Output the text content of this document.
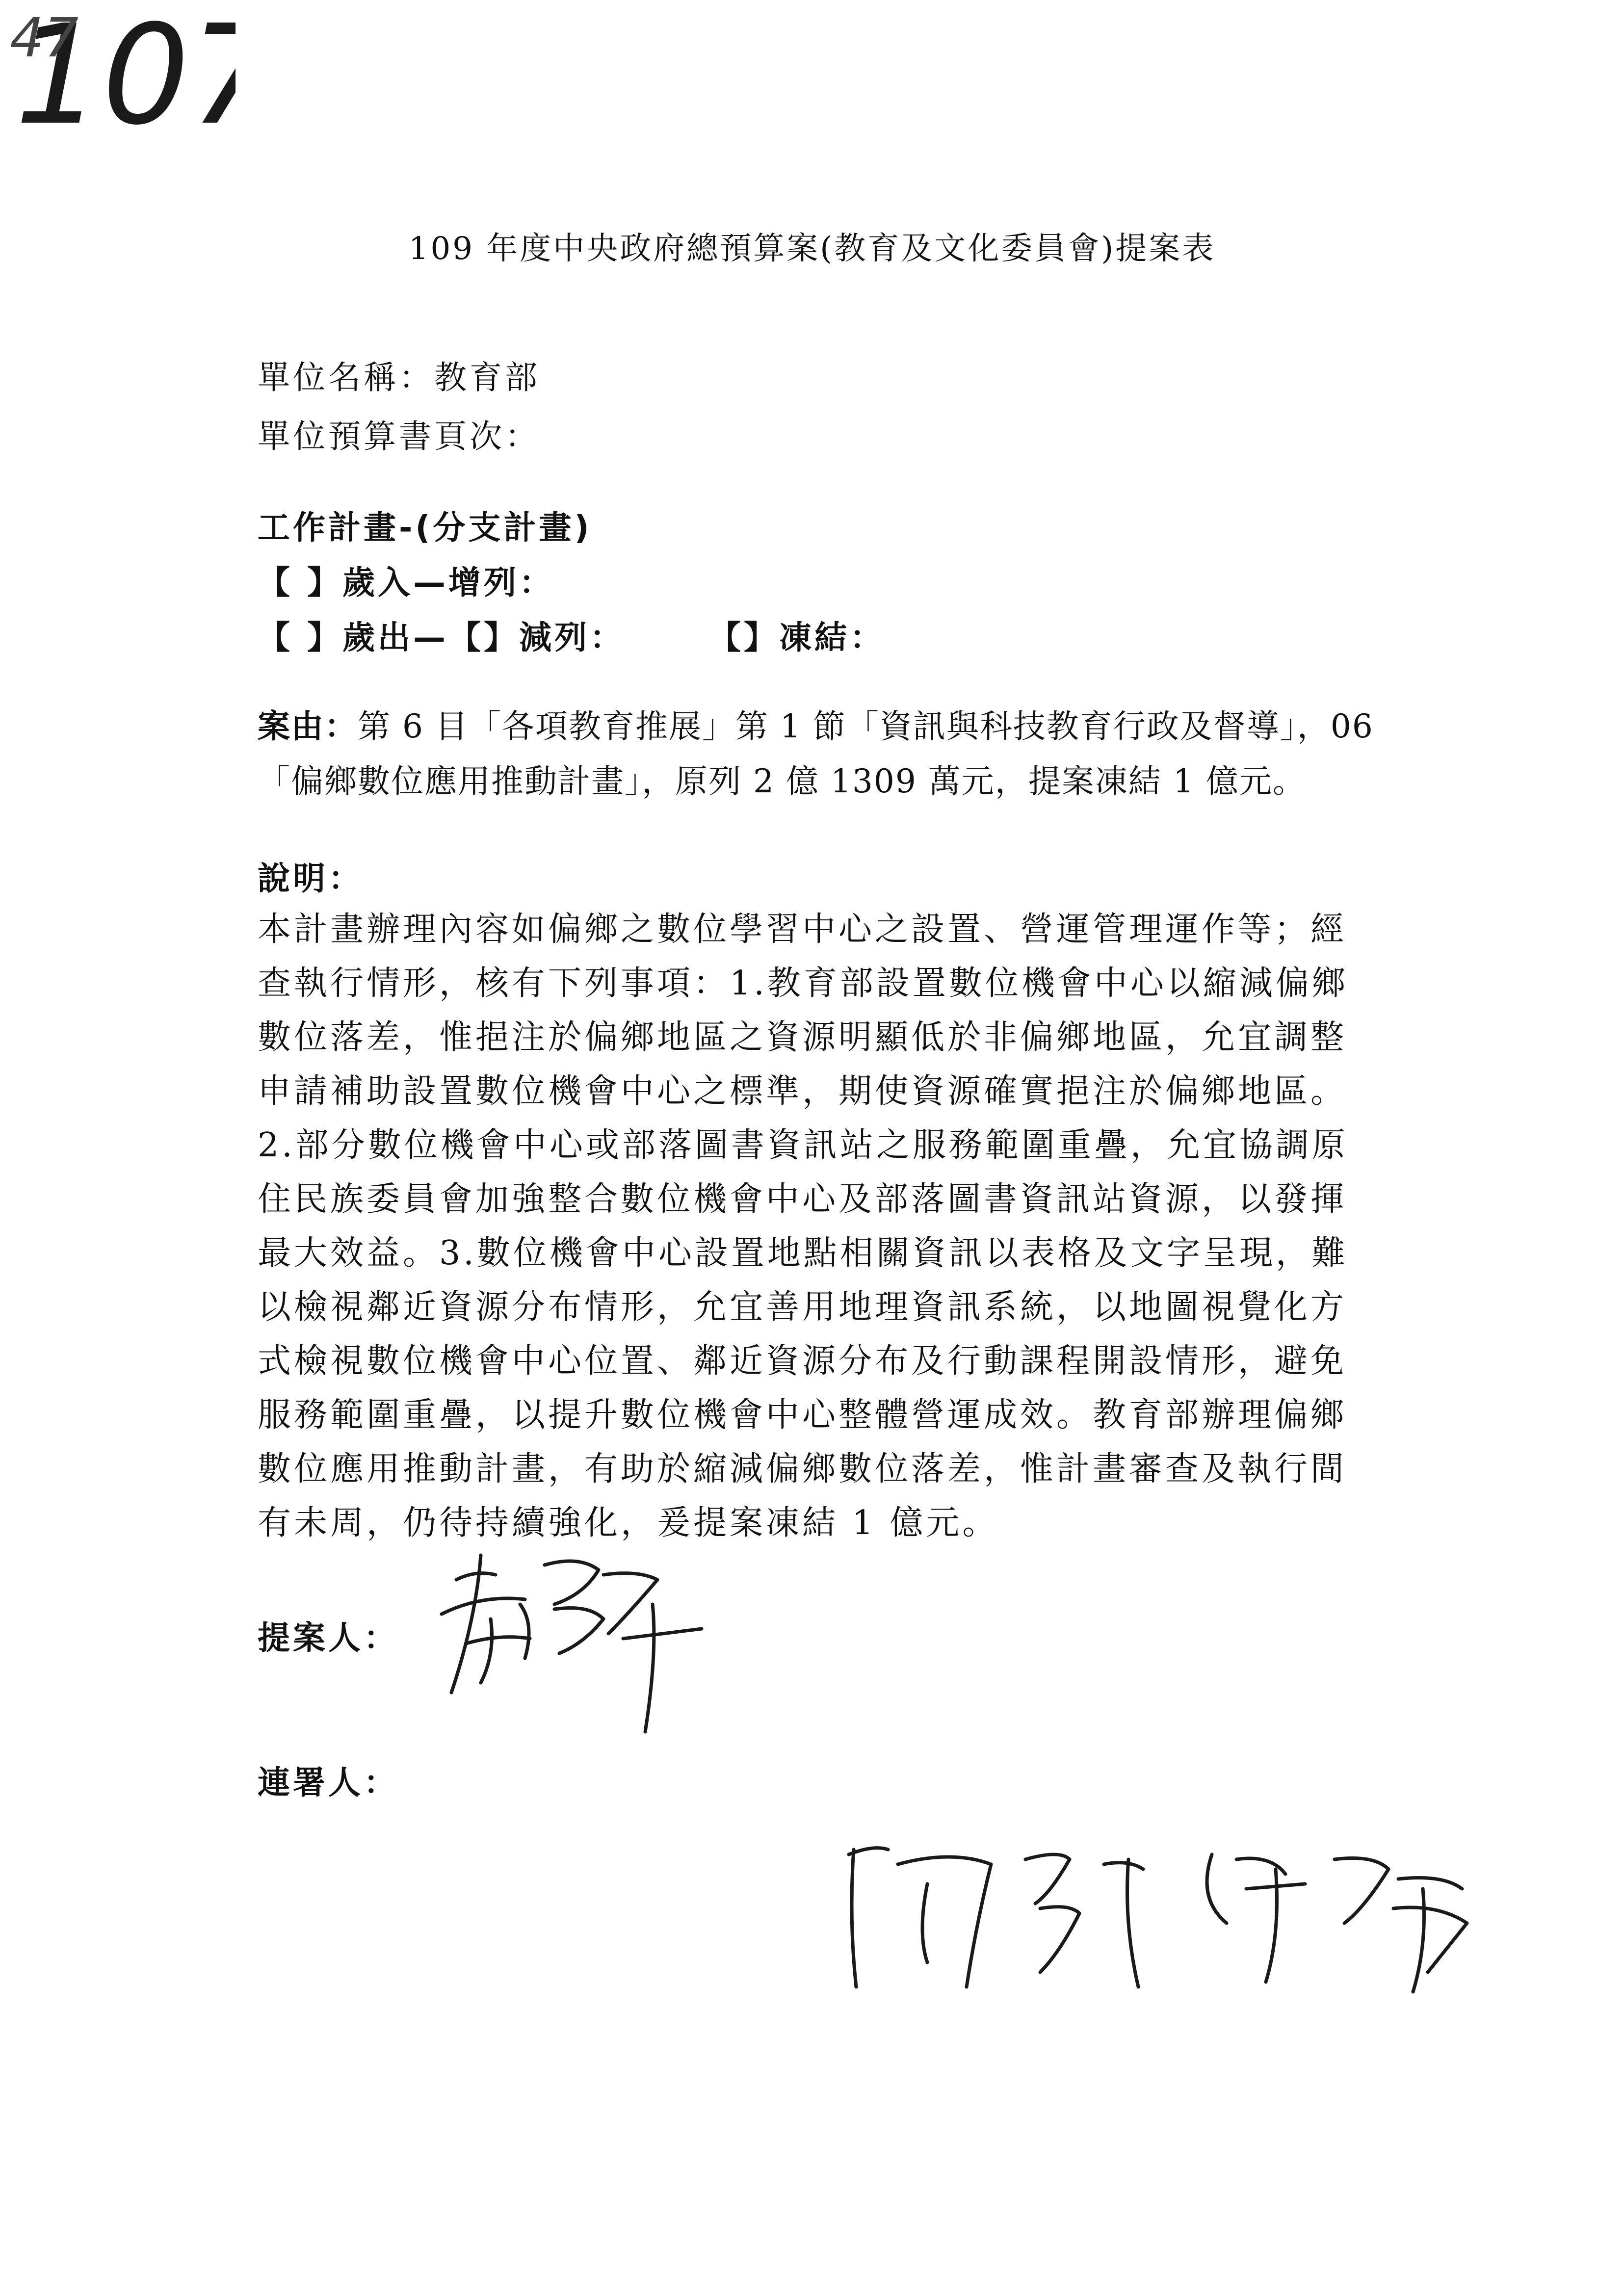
109 年度中央政府總預算案(教育及文化委員會)提案表
單位名稱：教育部
單位預算書頁次：
工作計畫-(分支計畫)
【 】歲入—增列：
【 】歲出—【】減列：	【】凍結：
案由：第 6 目「各項教育推展」第 1 節「資訊與科技教育行政及督導」，06「偏鄉數位應用推動計畫」，原列 2 億 1309 萬元，提案凍結 1 億元。
說明：
本計畫辦理內容如偏鄉之數位學習中心之設置、營運管理運作等；經
查執行情形，核有下列事項：1.教育部設置數位機會中心以縮減偏鄉
數位落差，惟挹注於偏鄉地區之資源明顯低於非偏鄉地區，允宜調整
申請補助設置數位機會中心之標準，期使資源確實挹注於偏鄉地區。
2.部分數位機會中心或部落圖書資訊站之服務範圍重疊，允宜協調原
住民族委員會加強整合數位機會中心及部落圖書資訊站資源，以發揮
最大效益。3.數位機會中心設置地點相關資訊以表格及文字呈現，難
以檢視鄰近資源分布情形，允宜善用地理資訊系統，以地圖視覺化方
式檢視數位機會中心位置、鄰近資源分布及行動課程開設情形，避免
服務範圍重疊，以提升數位機會中心整體營運成效。教育部辦理偏鄉
數位應用推動計畫，有助於縮減偏鄉數位落差，惟計畫審查及執行間
有未周，仍待持續強化，爰提案凍結 1 億元。
提案人：
連署人：
10
47
